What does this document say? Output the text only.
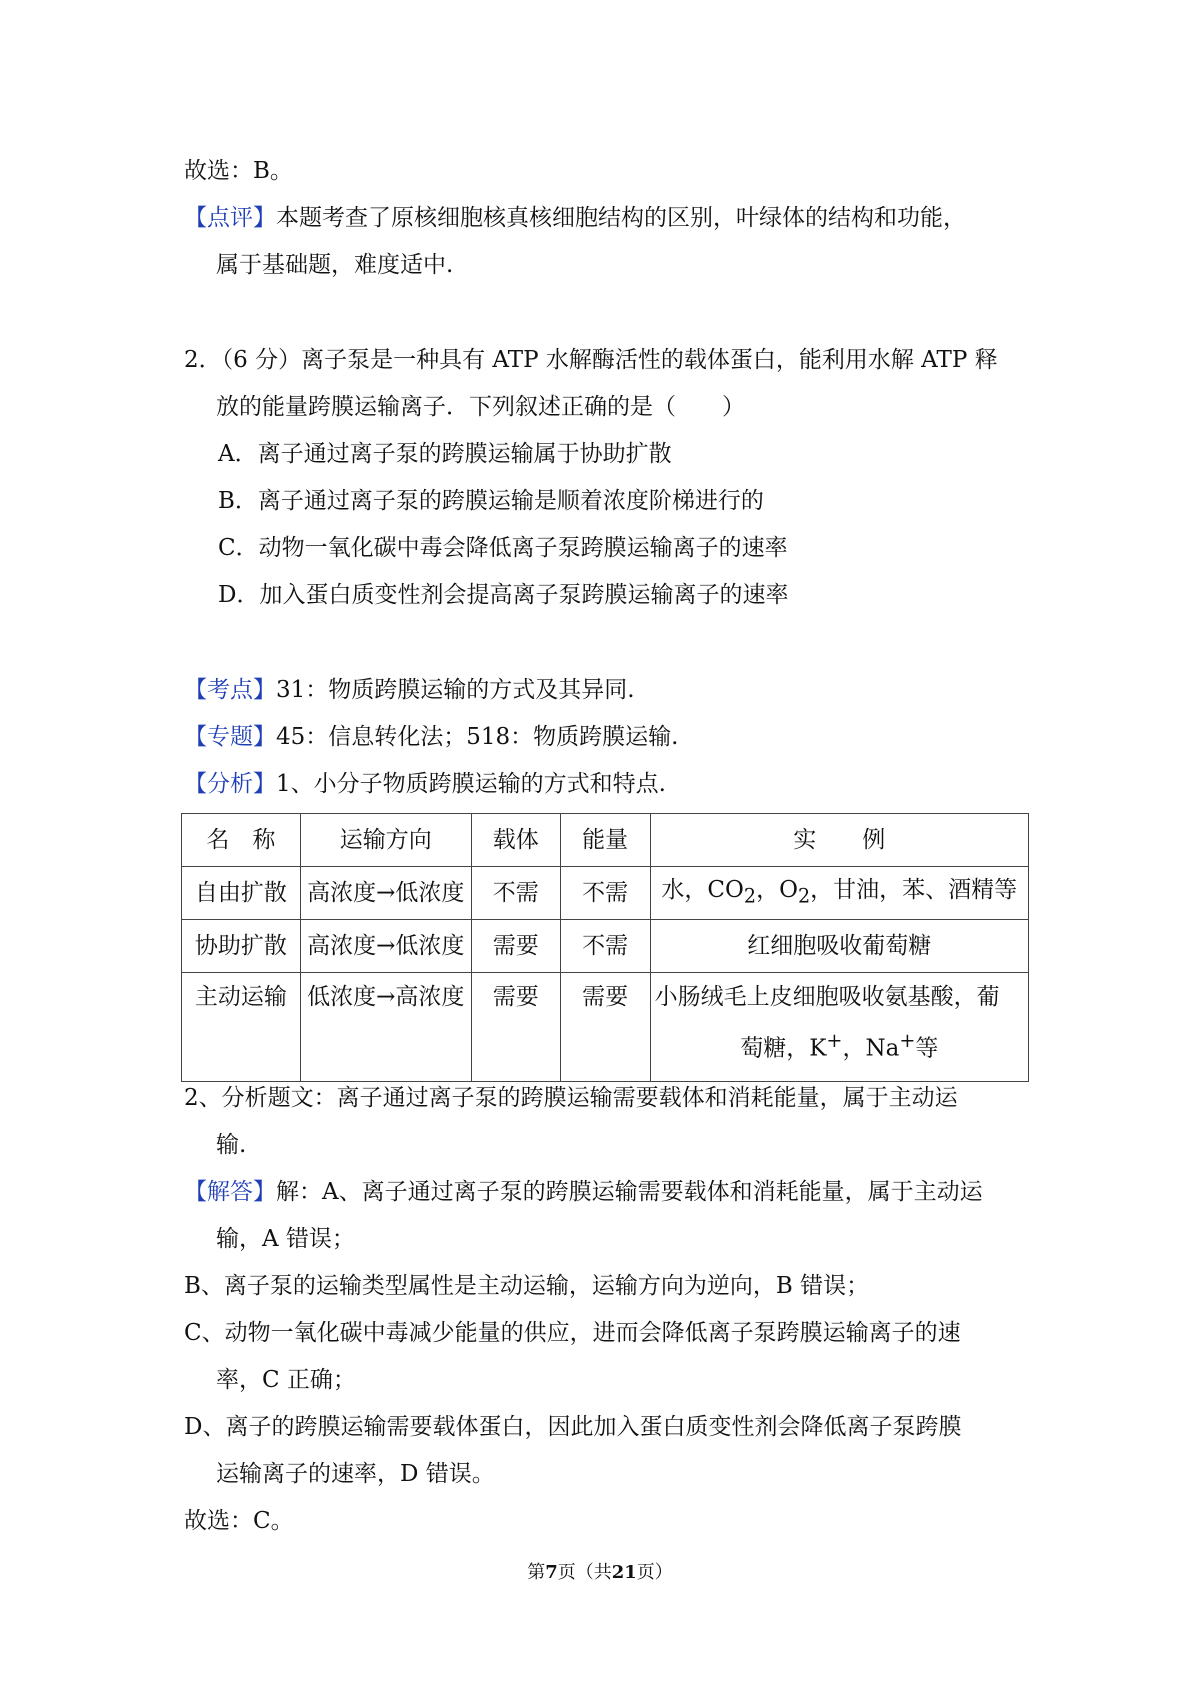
故选：B。
【点评】本题考查了原核细胞核真核细胞结构的区别，叶绿体的结构和功能，
属于基础题，难度适中.
2．（6 分）离子泵是一种具有 ATP 水解酶活性的载体蛋白，能利用水解 ATP 释
放的能量跨膜运输离子．下列叙述正确的是（　　）
A．离子通过离子泵的跨膜运输属于协助扩散
B．离子通过离子泵的跨膜运输是顺着浓度阶梯进行的
C．动物一氧化碳中毒会降低离子泵跨膜运输离子的速率
D．加入蛋白质变性剂会提高离子泵跨膜运输离子的速率
【考点】31：物质跨膜运输的方式及其异同.
【专题】45：信息转化法；518：物质跨膜运输.
【分析】1、小分子物质跨膜运输的方式和特点.
名　称	运输方向	载体	能量	实　　例
自由扩散	高浓度→低浓度	不需	不需	水，$CO_2$，$O_2$，甘油，苯、酒精等
协助扩散	高浓度→低浓度	需要	不需	红细胞吸收葡萄糖
主动运输	低浓度→高浓度	需要	需要	小肠绒毛上皮细胞吸收氨基酸，葡
萄糖，K+，Na+等
2、分析题文：离子通过离子泵的跨膜运输需要载体和消耗能量，属于主动运
输.
【解答】解：A、离子通过离子泵的跨膜运输需要载体和消耗能量，属于主动运
输，A 错误；
B、离子泵的运输类型属性是主动运输，运输方向为逆向，B 错误；
C、动物一氧化碳中毒减少能量的供应，进而会降低离子泵跨膜运输离子的速
率，C 正确；
D、离子的跨膜运输需要载体蛋白，因此加入蛋白质变性剂会降低离子泵跨膜
运输离子的速率，D 错误。
故选：C。
第7页（共21页）
